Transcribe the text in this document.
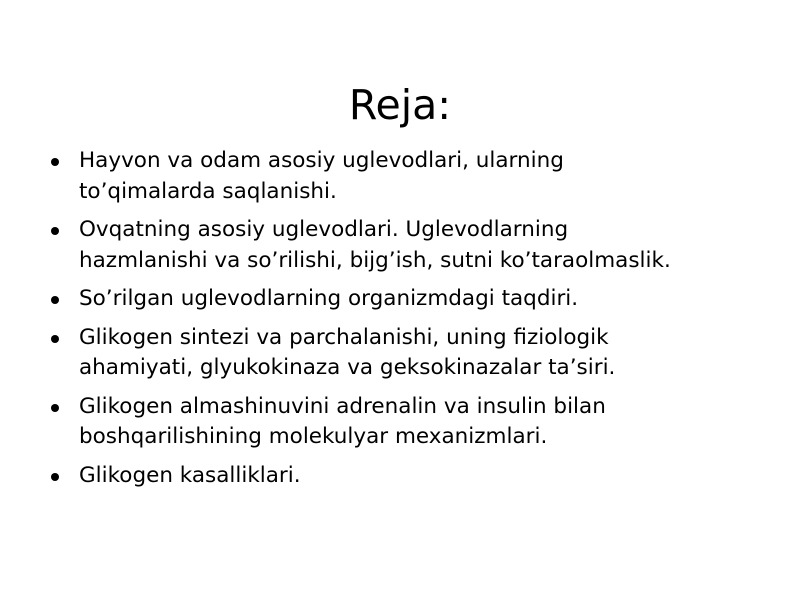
Reja:
Hayvon va odam asosiy uglevodlari, ularning
to’qimalarda saqlanishi.
Ovqatning asosiy uglevodlari. Uglevodlarning
hazmlanishi va so’rilishi, bijg’ish, sutni ko’taraolmaslik.
So’rilgan uglevodlarning organizmdagi taqdiri.
Glikogen sintezi va parchalanishi, uning fiziologik
ahamiyati, glyukokinaza va geksokinazalar ta’siri.
Glikogen almashinuvini adrenalin va insulin bilan
boshqarilishining molekulyar mexanizmlari.
Glikogen kasalliklari.
